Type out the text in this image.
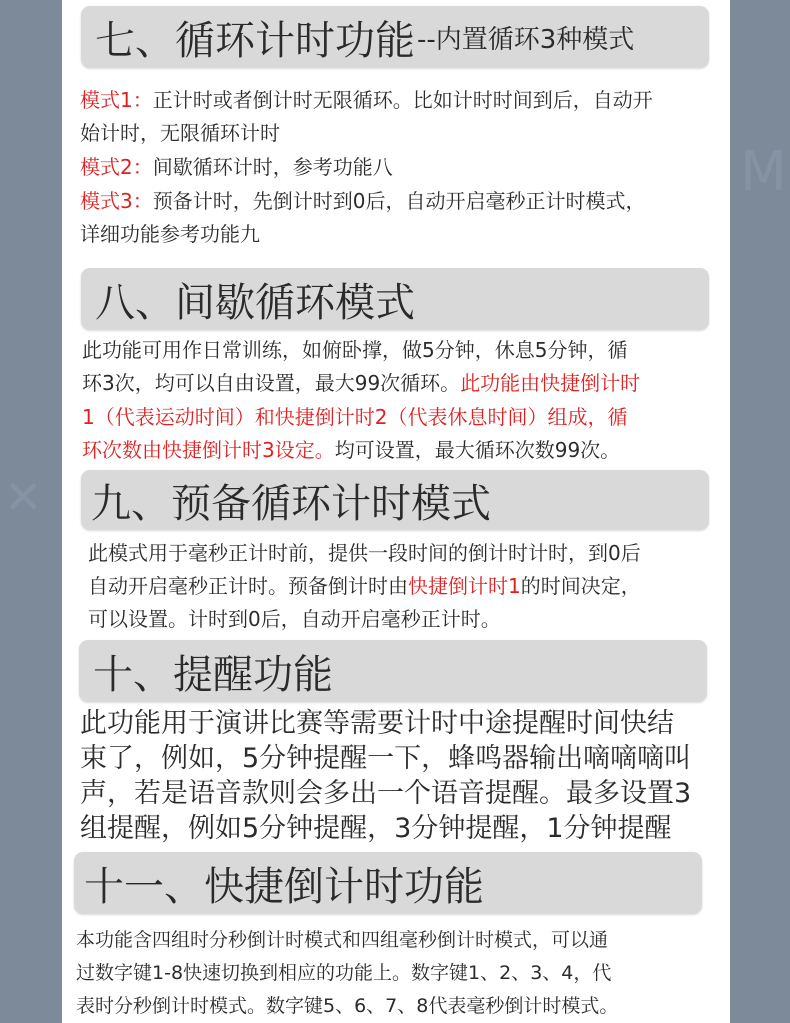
✕
M
七、循环计时功能 --内置循环3种模式

模式1：正计时或者倒计时无限循环。比如计时时间到后，自动开

始计时，无限循环计时

模式2：间歇循环计时，参考功能八

模式3：预备计时，先倒计时到0后，自动开启毫秒正计时模式，

详细功能参考功能九

八、间歇循环模式

此功能可用作日常训练，如俯卧撑，做5分钟，休息5分钟，循

环3次，均可以自由设置，最大99次循环。此功能由快捷倒计时

1（代表运动时间）和快捷倒计时2（代表休息时间）组成，循

环次数由快捷倒计时3设定。均可设置，最大循环次数99次。

九、预备循环计时模式

此模式用于毫秒正计时前，提供一段时间的倒计时计时，到0后

自动开启毫秒正计时。预备倒计时由快捷倒计时1的时间决定，

可以设置。计时到0后，自动开启毫秒正计时。

十、提醒功能

此功能用于演讲比赛等需要计时中途提醒时间快结

束了，例如，5分钟提醒一下，蜂鸣器输出嘀嘀嘀叫

声，若是语音款则会多出一个语音提醒。最多设置3

组提醒，例如5分钟提醒，3分钟提醒，1分钟提醒

十一、快捷倒计时功能

本功能含四组时分秒倒计时模式和四组毫秒倒计时模式，可以通

过数字键1-8快速切换到相应的功能上。数字键1、2、3、4，代

表时分秒倒计时模式。数字键5、6、7、8代表毫秒倒计时模式。
